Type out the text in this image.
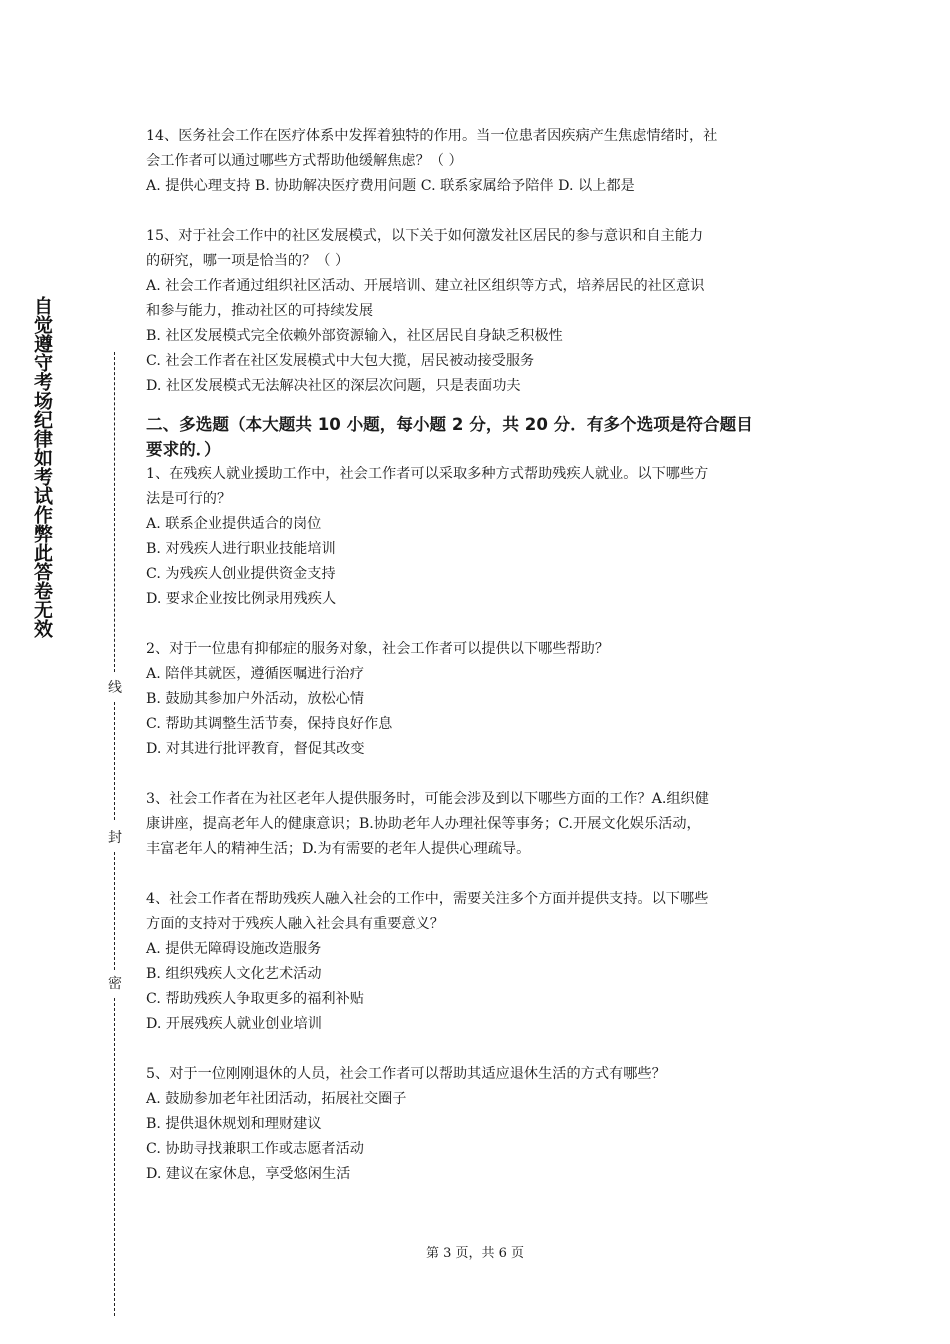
自觉遵守考场纪律如考试作弊此答卷无效
线
封
密
14、医务社会工作在医疗体系中发挥着独特的作用。当一位患者因疾病产生焦虑情绪时，社
会工作者可以通过哪些方式帮助他缓解焦虑？（ ）
A. 提供心理支持 B. 协助解决医疗费用问题 C. 联系家属给予陪伴 D. 以上都是
15、对于社会工作中的社区发展模式，以下关于如何激发社区居民的参与意识和自主能力
的研究，哪一项是恰当的？（ ）
A. 社会工作者通过组织社区活动、开展培训、建立社区组织等方式，培养居民的社区意识
和参与能力，推动社区的可持续发展
B. 社区发展模式完全依赖外部资源输入，社区居民自身缺乏积极性
C. 社会工作者在社区发展模式中大包大揽，居民被动接受服务
D. 社区发展模式无法解决社区的深层次问题，只是表面功夫
二、多选题（本大题共 10 小题，每小题 2 分，共 20 分．有多个选项是符合题目
要求的．）
1、在残疾人就业援助工作中，社会工作者可以采取多种方式帮助残疾人就业。以下哪些方
法是可行的？
A. 联系企业提供适合的岗位
B. 对残疾人进行职业技能培训
C. 为残疾人创业提供资金支持
D. 要求企业按比例录用残疾人
2、对于一位患有抑郁症的服务对象，社会工作者可以提供以下哪些帮助？
A. 陪伴其就医，遵循医嘱进行治疗
B. 鼓励其参加户外活动，放松心情
C. 帮助其调整生活节奏，保持良好作息
D. 对其进行批评教育，督促其改变
3、社会工作者在为社区老年人提供服务时，可能会涉及到以下哪些方面的工作？A.组织健
康讲座，提高老年人的健康意识；B.协助老年人办理社保等事务；C.开展文化娱乐活动，
丰富老年人的精神生活；D.为有需要的老年人提供心理疏导。
4、社会工作者在帮助残疾人融入社会的工作中，需要关注多个方面并提供支持。以下哪些
方面的支持对于残疾人融入社会具有重要意义？
A. 提供无障碍设施改造服务
B. 组织残疾人文化艺术活动
C. 帮助残疾人争取更多的福利补贴
D. 开展残疾人就业创业培训
5、对于一位刚刚退休的人员，社会工作者可以帮助其适应退休生活的方式有哪些？
A. 鼓励参加老年社团活动，拓展社交圈子
B. 提供退休规划和理财建议
C. 协助寻找兼职工作或志愿者活动
D. 建议在家休息，享受悠闲生活
第 3 页，共 6 页
